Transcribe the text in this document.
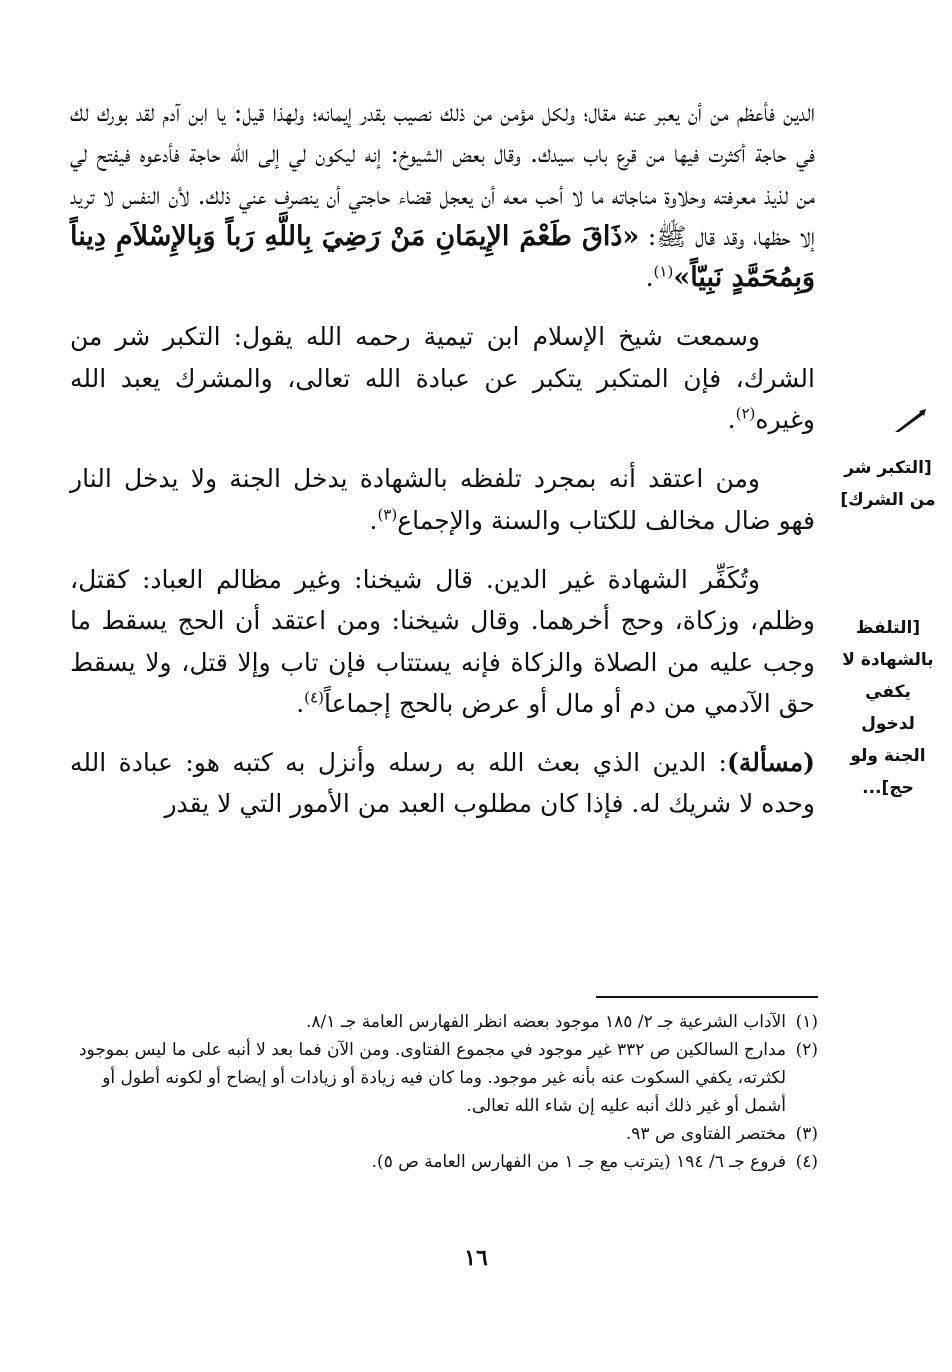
الدين فأعظم من أن يعبر عنه مقال؛ ولكل مؤمن من ذلك نصيب بقدر إيمانه؛ ولهذا قيل: يا ابن آدم لقد بورك لك في حاجة أكثرت فيها من قرع باب سيدك. وقال بعض الشيوخ: إنه ليكون لي إلى الله حاجة فأدعوه فيفتح لي من لذيذ معرفته وحلاوة مناجاته ما لا أحب معه أن يعجل قضاء حاجتي أن ينصرف عني ذلك. لأن النفس لا تريد إلا حظها، وقد قال ﷺ: «ذَاقَ طَعْمَ الإِيمَانِ مَنْ رَضِيَ بِاللَّهِ رَباً وَبِالإِسْلاَمِ دِيناً وَبِمُحَمَّدٍ نَبِيّاً»$^{(١)}$.

وسمعت شيخ الإسلام ابن تيمية رحمه الله يقول: التكبر شر من الشرك، فإن المتكبر يتكبر عن عبادة الله تعالى، والمشرك يعبد الله وغيره$^{(٢)}$.

ومن اعتقد أنه بمجرد تلفظه بالشهادة يدخل الجنة ولا يدخل النار فهو ضال مخالف للكتاب والسنة والإجماع$^{(٣)}$.

وتُكَفِّر الشهادة غير الدين. قال شيخنا: وغير مظالم العباد: كقتل، وظلم، وزكاة، وحج أخرهما. وقال شيخنا: ومن اعتقد أن الحج يسقط ما وجب عليه من الصلاة والزكاة فإنه يستتاب فإن تاب وإلا قتل، ولا يسقط حق الآدمي من دم أو مال أو عرض بالحج إجماعاً$^{(٤)}$.

(مسألة): الدين الذي بعث الله به رسله وأنزل به كتبه هو: عبادة الله وحده لا شريك له. فإذا كان مطلوب العبد من الأمور التي لا يقدر

[التكبر شر من الشرك]
[التلفظ بالشهادة لا يكفي لدخول الجنة ولو حج]...
(١)
الآداب الشرعية جـ ٢/ ١٨٥ موجود بعضه انظر الفهارس العامة جـ ٨/١.
(٢)
مدارج السالكين ص ٣٣٢ غير موجود في مجموع الفتاوى. ومن الآن فما بعد لا أنبه على ما ليس بموجود لكثرته، يكفي السكوت عنه بأنه غير موجود. وما كان فيه زيادة أو زيادات أو إيضاح أو لكونه أطول أو أشمل أو غير ذلك أنبه عليه إن شاء الله تعالى.
(٣)
مختصر الفتاوى ص ٩٣.
(٤)
فروع جـ ٦/ ١٩٤ (يترتب مع جـ ١ من الفهارس العامة ص ٥).
١٦
